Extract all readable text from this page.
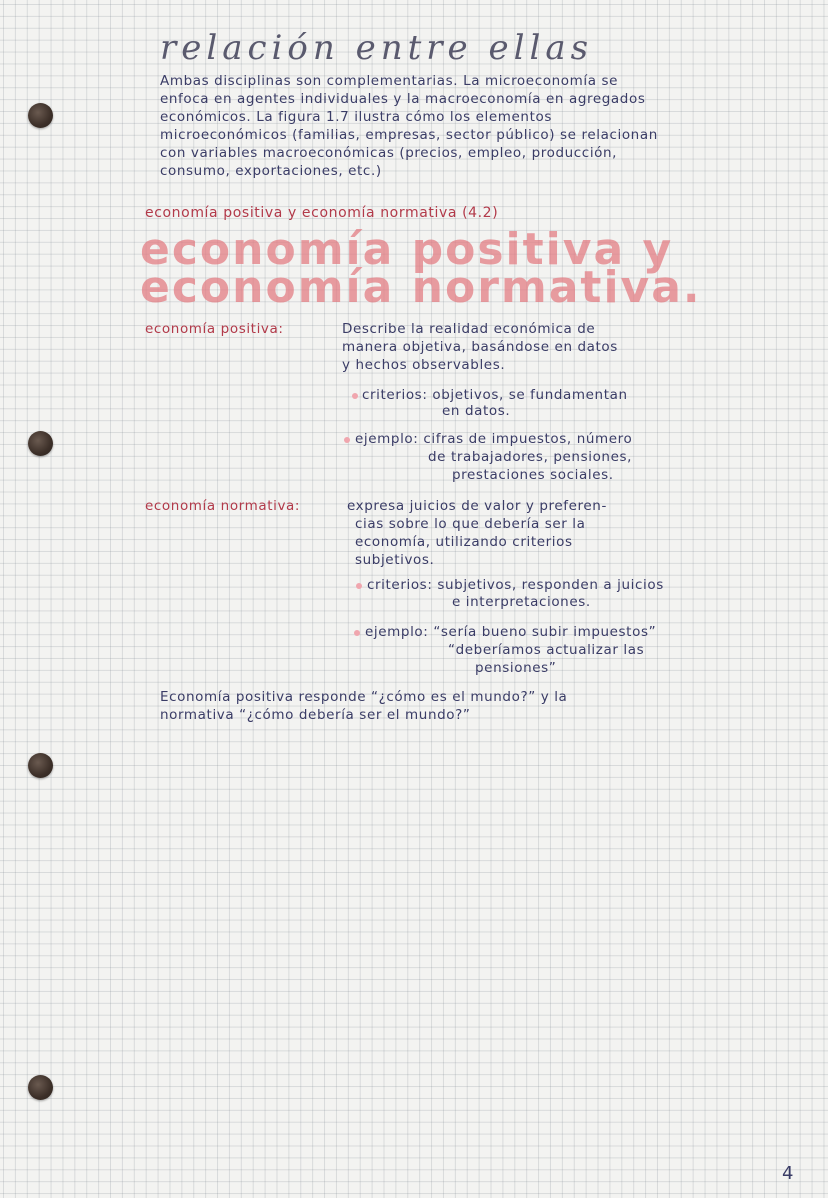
relación entre ellas
Ambas disciplinas son complementarias. La microeconomía se
enfoca en agentes individuales y la macroeconomía en agregados
económicos. La figura 1.7 ilustra cómo los elementos
microeconómicos (familias, empresas, sector público) se relacionan
con variables macroeconómicas (precios, empleo, producción,
consumo, exportaciones, etc.)
economía positiva y economía normativa (4.2)
economía positiva y
economía normativa.
economía positiva:	Describe la realidad económica de
manera objetiva, basándose en datos
y hechos observables.
criterios: objetivos, se fundamentan
en datos.
ejemplo: cifras de impuestos, número
de trabajadores, pensiones,
prestaciones sociales.
economía normativa:	expresa juicios de valor y preferen-
cias sobre lo que debería ser la
economía, utilizando criterios
subjetivos.
criterios: subjetivos, responden a juicios
e interpretaciones.
ejemplo: “sería bueno subir impuestos”
“deberíamos actualizar las
pensiones”
Economía positiva responde “¿cómo es el mundo?” y la
normativa “¿cómo debería ser el mundo?”
4
